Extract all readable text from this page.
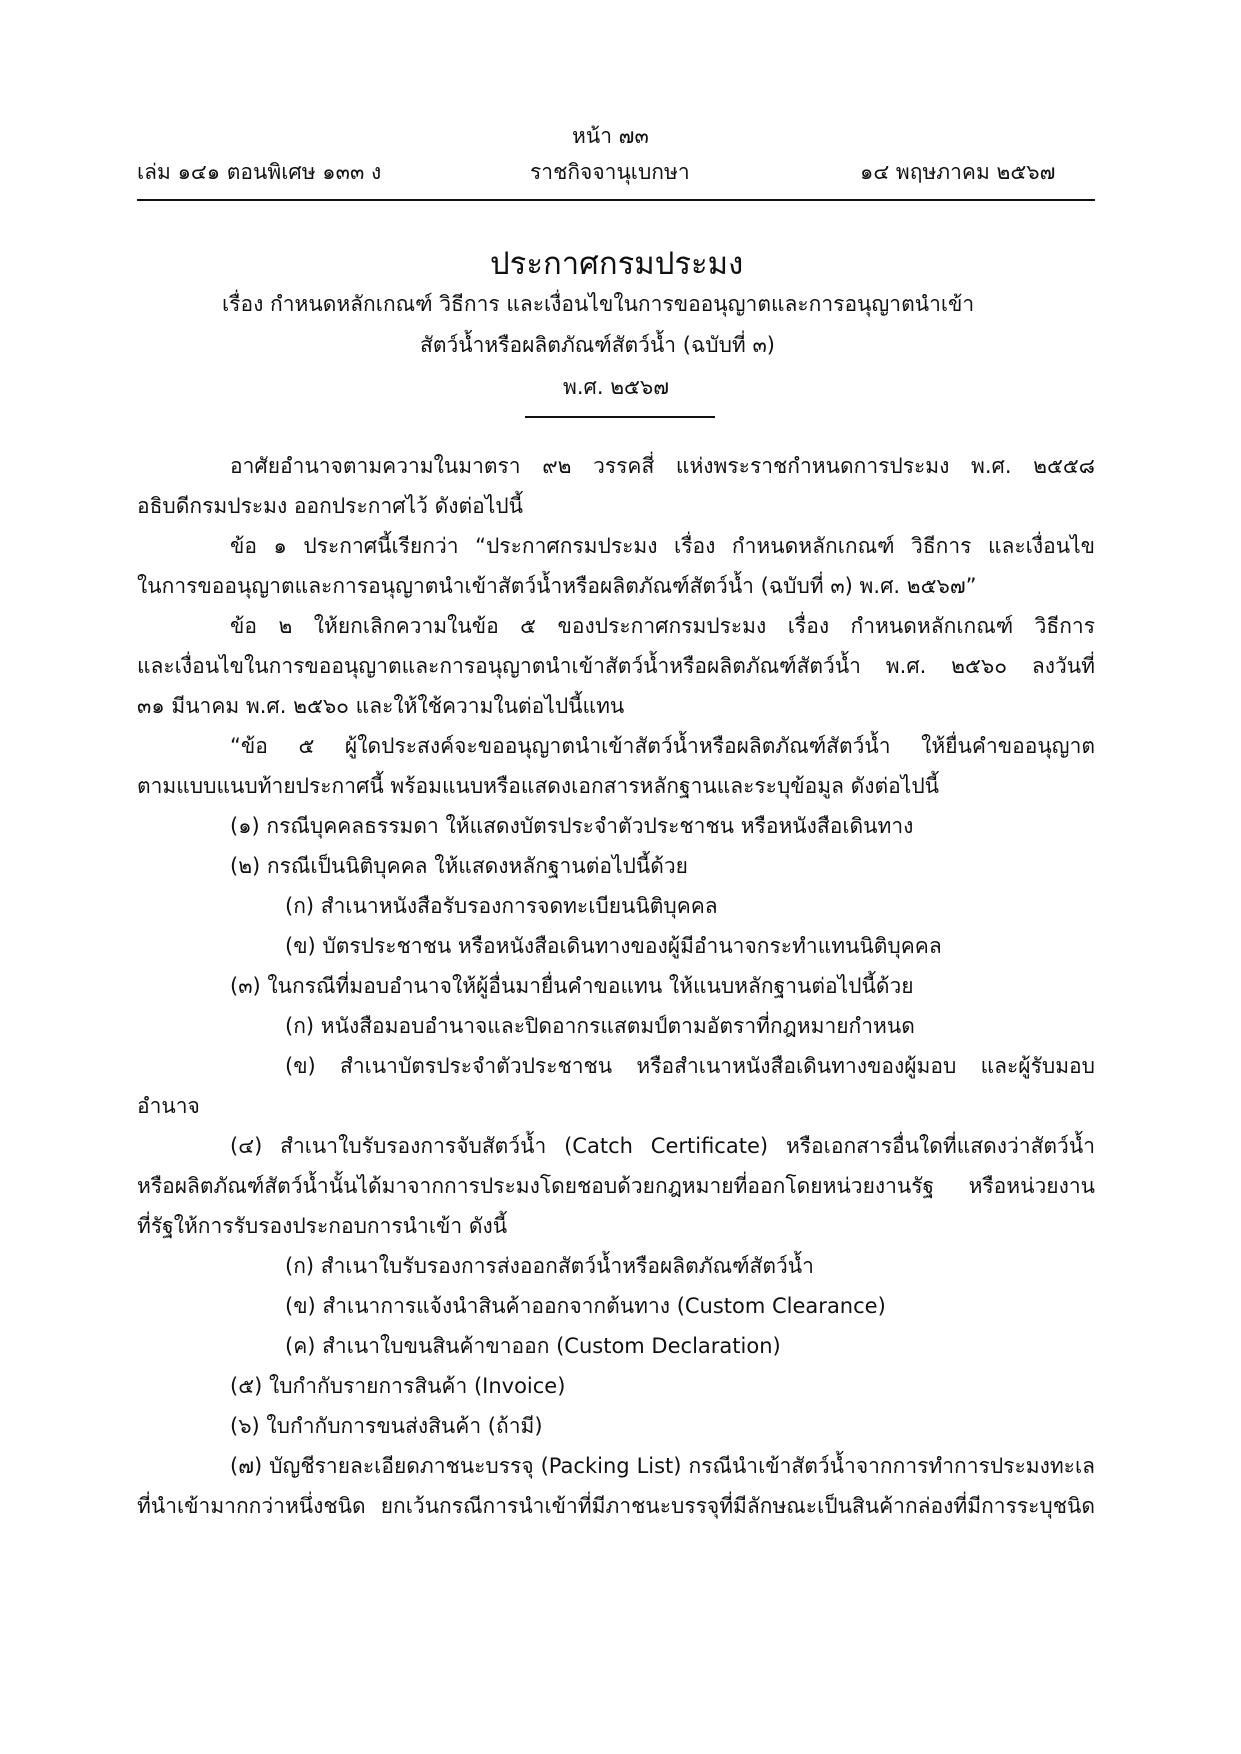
หน้า ๗๓
เล่ม ๑๔๑ ตอนพิเศษ ๑๓๓ ง	ราชกิจจานุเบกษา	๑๔ พฤษภาคม ๒๕๖๗
ประกาศกรมประมง
เรื่อง กำหนดหลักเกณฑ์ วิธีการ และเงื่อนไขในการขออนุญาตและการอนุญาตนำเข้า
สัตว์น้ำหรือผลิตภัณฑ์สัตว์น้ำ (ฉบับที่ ๓)
พ.ศ. ๒๕๖๗
อาศัยอำนาจตามความในมาตรา ๙๒ วรรคสี่ แห่งพระราชกำหนดการประมง พ.ศ. ๒๕๕๘
อธิบดีกรมประมง ออกประกาศไว้ ดังต่อไปนี้
ข้อ ๑ ประกาศนี้เรียกว่า “ประกาศกรมประมง เรื่อง กำหนดหลักเกณฑ์ วิธีการ และเงื่อนไข
ในการขออนุญาตและการอนุญาตนำเข้าสัตว์น้ำหรือผลิตภัณฑ์สัตว์น้ำ (ฉบับที่ ๓) พ.ศ. ๒๕๖๗”
ข้อ ๒ ให้ยกเลิกความในข้อ ๕ ของประกาศกรมประมง เรื่อง กำหนดหลักเกณฑ์ วิธีการ
และเงื่อนไขในการขออนุญาตและการอนุญาตนำเข้าสัตว์น้ำหรือผลิตภัณฑ์สัตว์น้ำ พ.ศ. ๒๕๖๐ ลงวันที่
๓๑ มีนาคม พ.ศ. ๒๕๖๐ และให้ใช้ความในต่อไปนี้แทน
“ข้อ ๕ ผู้ใดประสงค์จะขออนุญาตนำเข้าสัตว์น้ำหรือผลิตภัณฑ์สัตว์น้ำ ให้ยื่นคำขออนุญาต
ตามแบบแนบท้ายประกาศนี้ พร้อมแนบหรือแสดงเอกสารหลักฐานและระบุข้อมูล ดังต่อไปนี้
(๑) กรณีบุคคลธรรมดา ให้แสดงบัตรประจำตัวประชาชน หรือหนังสือเดินทาง
(๒) กรณีเป็นนิติบุคคล ให้แสดงหลักฐานต่อไปนี้ด้วย
(ก) สำเนาหนังสือรับรองการจดทะเบียนนิติบุคคล
(ข) บัตรประชาชน หรือหนังสือเดินทางของผู้มีอำนาจกระทำแทนนิติบุคคล
(๓) ในกรณีที่มอบอำนาจให้ผู้อื่นมายื่นคำขอแทน ให้แนบหลักฐานต่อไปนี้ด้วย
(ก) หนังสือมอบอำนาจและปิดอากรแสตมป์ตามอัตราที่กฎหมายกำหนด
(ข) สำเนาบัตรประจำตัวประชาชน หรือสำเนาหนังสือเดินทางของผู้มอบ และผู้รับมอบ
อำนาจ
(๔) สำเนาใบรับรองการจับสัตว์น้ำ (Catch Certificate) หรือเอกสารอื่นใดที่แสดงว่าสัตว์น้ำ
หรือผลิตภัณฑ์สัตว์น้ำนั้นได้มาจากการประมงโดยชอบด้วยกฎหมายที่ออกโดยหน่วยงานรัฐ หรือหน่วยงาน
ที่รัฐให้การรับรองประกอบการนำเข้า ดังนี้
(ก) สำเนาใบรับรองการส่งออกสัตว์น้ำหรือผลิตภัณฑ์สัตว์น้ำ
(ข) สำเนาการแจ้งนำสินค้าออกจากต้นทาง (Custom Clearance)
(ค) สำเนาใบขนสินค้าขาออก (Custom Declaration)
(๕) ใบกำกับรายการสินค้า (Invoice)
(๖) ใบกำกับการขนส่งสินค้า (ถ้ามี)
(๗) บัญชีรายละเอียดภาชนะบรรจุ (Packing List) กรณีนำเข้าสัตว์น้ำจากการทำการประมงทะเล
ที่นำเข้ามากกว่าหนึ่งชนิด ยกเว้นกรณีการนำเข้าที่มีภาชนะบรรจุที่มีลักษณะเป็นสินค้ากล่องที่มีการระบุชนิด
